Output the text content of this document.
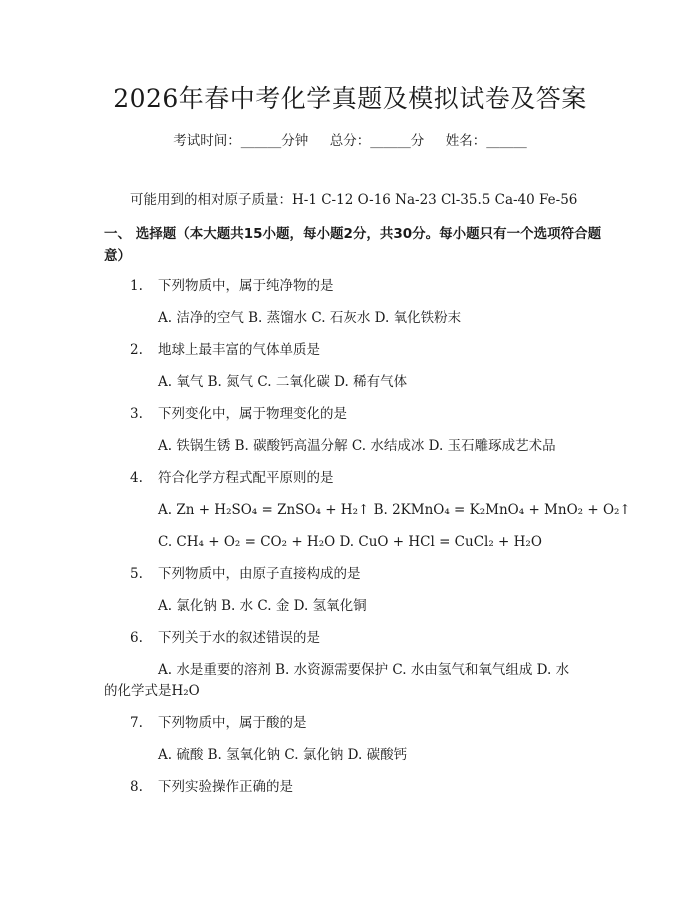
2026年春中考化学真题及模拟试卷及答案
考试时间：______分钟     总分：______分     姓名：______
可能用到的相对原子质量：H-1 C-12 O-16 Na-23 Cl-35.5 Ca-40 Fe-56
一、 选择题（本大题共15小题，每小题2分，共30分。每小题只有一个选项符合题意）
1. 下列物质中，属于纯净物的是
A. 洁净的空气 B. 蒸馏水 C. 石灰水 D. 氧化铁粉末
2. 地球上最丰富的气体单质是
A. 氧气 B. 氮气 C. 二氧化碳 D. 稀有气体
3. 下列变化中，属于物理变化的是
A. 铁锅生锈 B. 碳酸钙高温分解 C. 水结成冰 D. 玉石雕琢成艺术品
4. 符合化学方程式配平原则的是
A. Zn + H₂SO₄ = ZnSO₄ + H₂↑ B. 2KMnO₄ = K₂MnO₄ + MnO₂ + O₂↑
C. CH₄ + O₂ = CO₂ + H₂O D. CuO + HCl = CuCl₂ + H₂O
5. 下列物质中，由原子直接构成的是
A. 氯化钠 B. 水 C. 金 D. 氢氧化铜
6. 下列关于水的叙述错误的是
A. 水是重要的溶剂 B. 水资源需要保护 C. 水由氢气和氧气组成 D. 水
的化学式是H₂O
7. 下列物质中，属于酸的是
A. 硫酸 B. 氢氧化钠 C. 氯化钠 D. 碳酸钙
8. 下列实验操作正确的是
